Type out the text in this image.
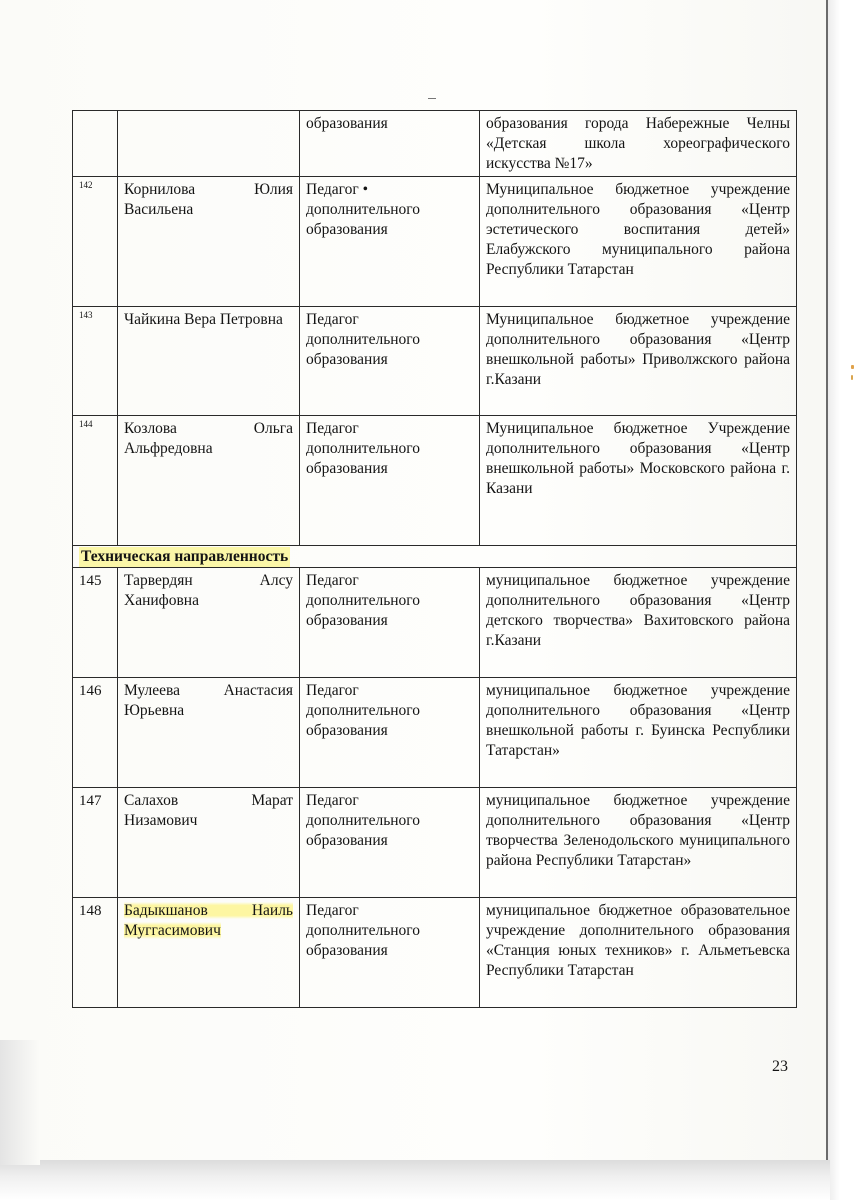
		образования	образования города Набережные Челны «Детская школа хореографического искусства №17»
142	Корнилова Юлия Васильена	Педагог • дополнительного образования	Муниципальное бюджетное учреждение дополнительного образования «Центр эстетического воспитания детей» Елабужского муниципального района Республики Татарстан
143	Чайкина Вера Петровна	Педагог дополнительного образования	Муниципальное бюджетное учреждение дополнительного образования «Центр внешкольной работы» Приволжского района г.Казани
144	Козлова Ольга Альфредовна	Педагог дополнительного образования	Муниципальное бюджетное Учреждение дополнительного образования «Центр внешкольной работы» Московского района г. Казани
Техническая направленность			
145	Тарвердян Алсу Ханифовна	Педагог дополнительного образования	муниципальное бюджетное учреждение дополнительного образования «Центр детского творчества» Вахитовского района г.Казани
146	Мулеева Анастасия Юрьевна	Педагог дополнительного образования	муниципальное бюджетное учреждение дополнительного образования «Центр внешкольной работы г. Буинска Республики Татарстан»
147	Салахов Марат Низамович	Педагог дополнительного образования	муниципальное бюджетное учреждение дополнительного образования «Центр творчества Зеленодольского муниципального района Республики Татарстан»
148	Бадыкшанов Наиль Муггасимович	Педагог дополнительного образования	муниципальное бюджетное образовательное учреждение дополнительного образования «Станция юных техников» г. Альметьевска Республики Татарстан
23
